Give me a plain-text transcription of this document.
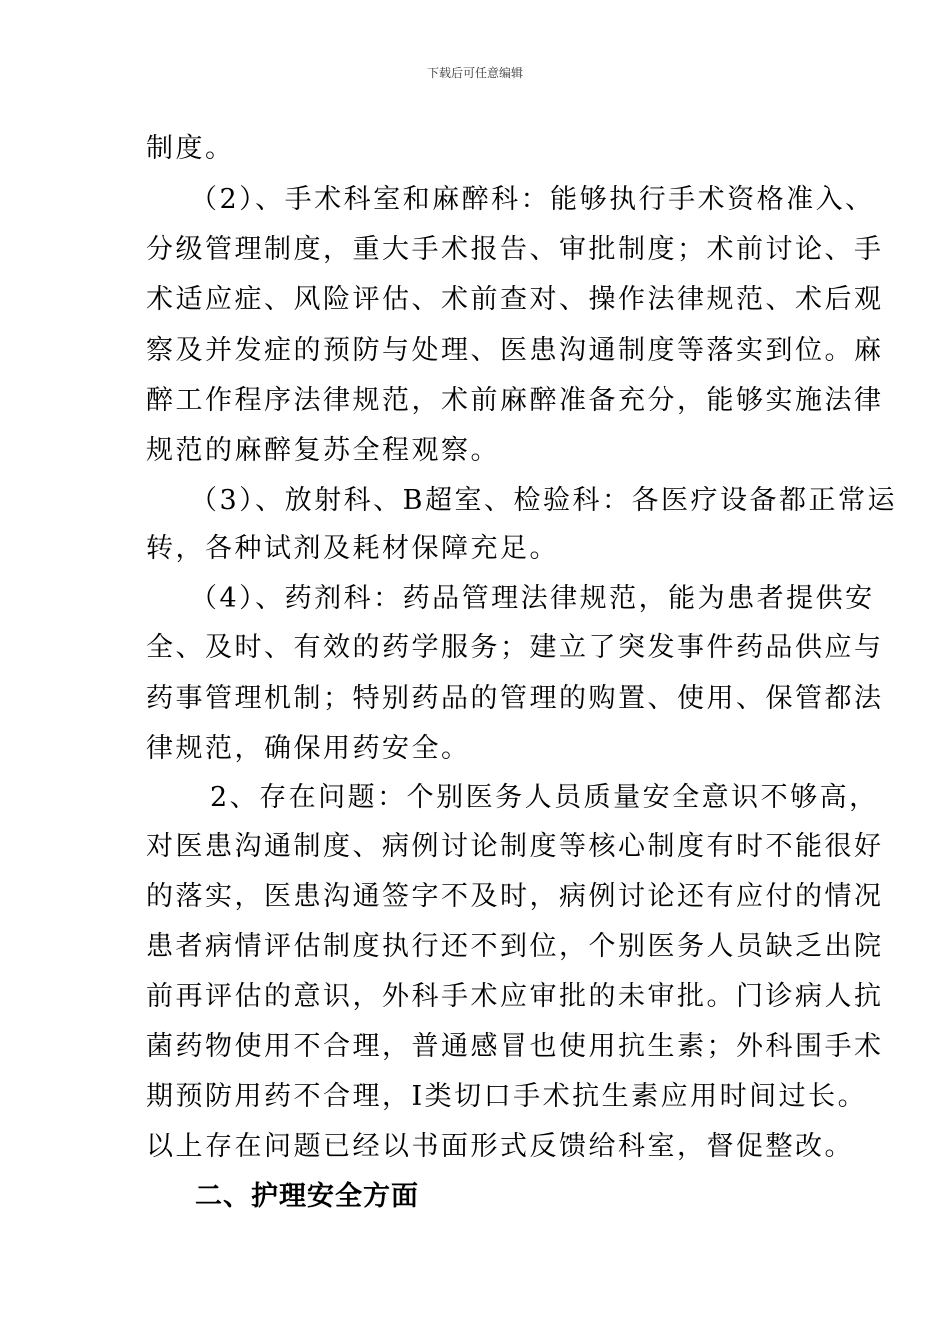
下载后可任意编辑
制度。
（2）、手术科室和麻醉科：能够执行手术资格准入、
分级管理制度，重大手术报告、审批制度；术前讨论、手
术适应症、风险评估、术前查对、操作法律规范、术后观
察及并发症的预防与处理、医患沟通制度等落实到位。麻
醉工作程序法律规范，术前麻醉准备充分，能够实施法律
规范的麻醉复苏全程观察。
（3）、放射科、B超室、检验科：各医疗设备都正常运
转，各种试剂及耗材保障充足。
（4）、药剂科：药品管理法律规范，能为患者提供安
全、及时、有效的药学服务；建立了突发事件药品供应与
药事管理机制；特别药品的管理的购置、使用、保管都法
律规范，确保用药安全。
2、存在问题：个别医务人员质量安全意识不够高，
对医患沟通制度、病例讨论制度等核心制度有时不能很好
的落实，医患沟通签字不及时，病例讨论还有应付的情况
患者病情评估制度执行还不到位，个别医务人员缺乏出院
前再评估的意识，外科手术应审批的未审批。门诊病人抗
菌药物使用不合理，普通感冒也使用抗生素；外科围手术
期预防用药不合理，Ⅰ类切口手术抗生素应用时间过长。
以上存在问题已经以书面形式反馈给科室，督促整改。
二、护理安全方面
